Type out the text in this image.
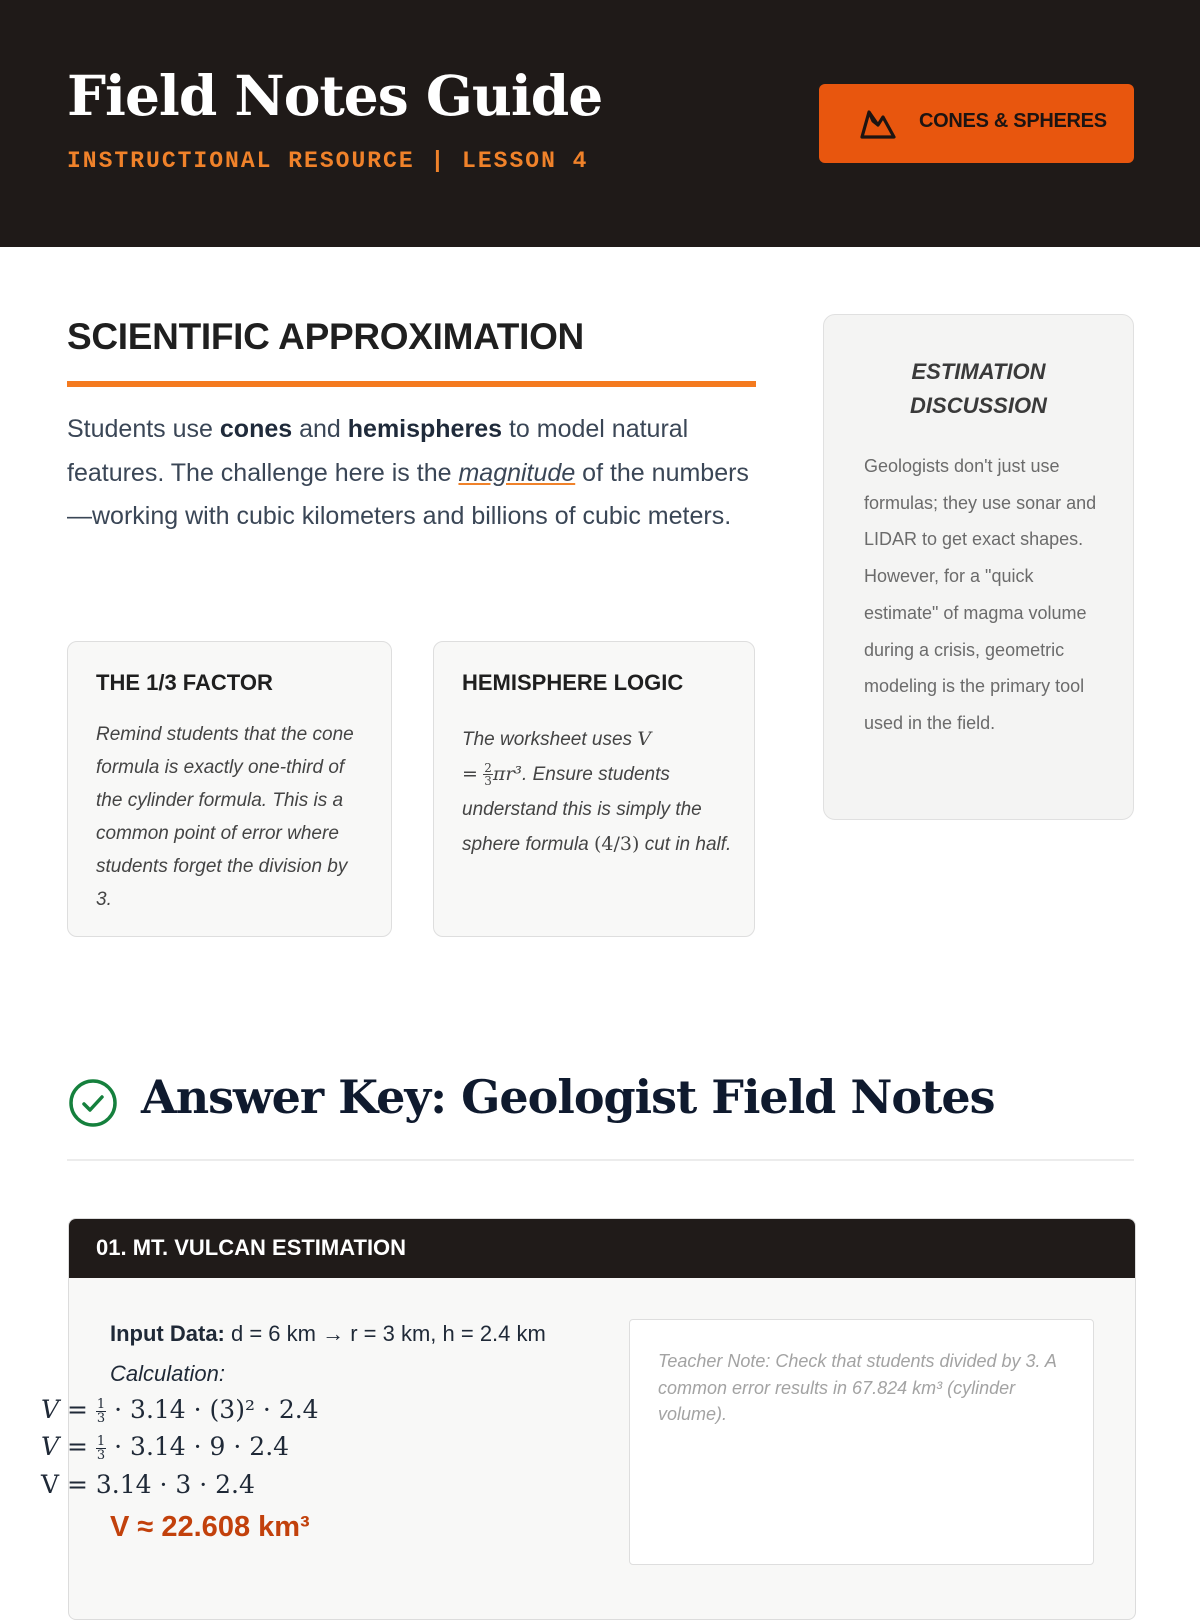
Field Notes Guide
INSTRUCTIONAL RESOURCE | LESSON 4
CONES & SPHERES
SCIENTIFIC APPROXIMATION

Students use cones and hemispheres to model natural features. The challenge here is the magnitude of the numbers—working with cubic kilometers and billions of cubic meters.

THE 1/3 FACTOR

Remind students that the cone formula is exactly one-third of the cylinder formula. This is a common point of error where students forget the division by 3.

HEMISPHERE LOGIC

The worksheet uses V
= $\frac{2}{3} \pi r^3$. Ensure students understand this is simply the sphere formula (4/3) cut in half.

ESTIMATION DISCUSSION
Geologists don't just use formulas; they use sonar and LIDAR to get exact shapes. However, for a "quick estimate" of magma volume during a crisis, geometric modeling is the primary tool used in the field.
Answer Key: Geologist Field Notes
01. MT. VULCAN ESTIMATION
Input Data: d = 6 km → r = 3 km, h = 2.4 km
Calculation:
V ≈ 22.608 km³

Teacher Note: Check that students divided by 3. A common error results in 67.824 km³ (cylinder volume).

$V = \frac{1}{3} \cdot 3.14 \cdot (3)^2 \cdot 2.4$
$V = \frac{1}{3} \cdot 3.14 \cdot 9 \cdot 2.4$
V = 3.14 · 3 · 2.4
